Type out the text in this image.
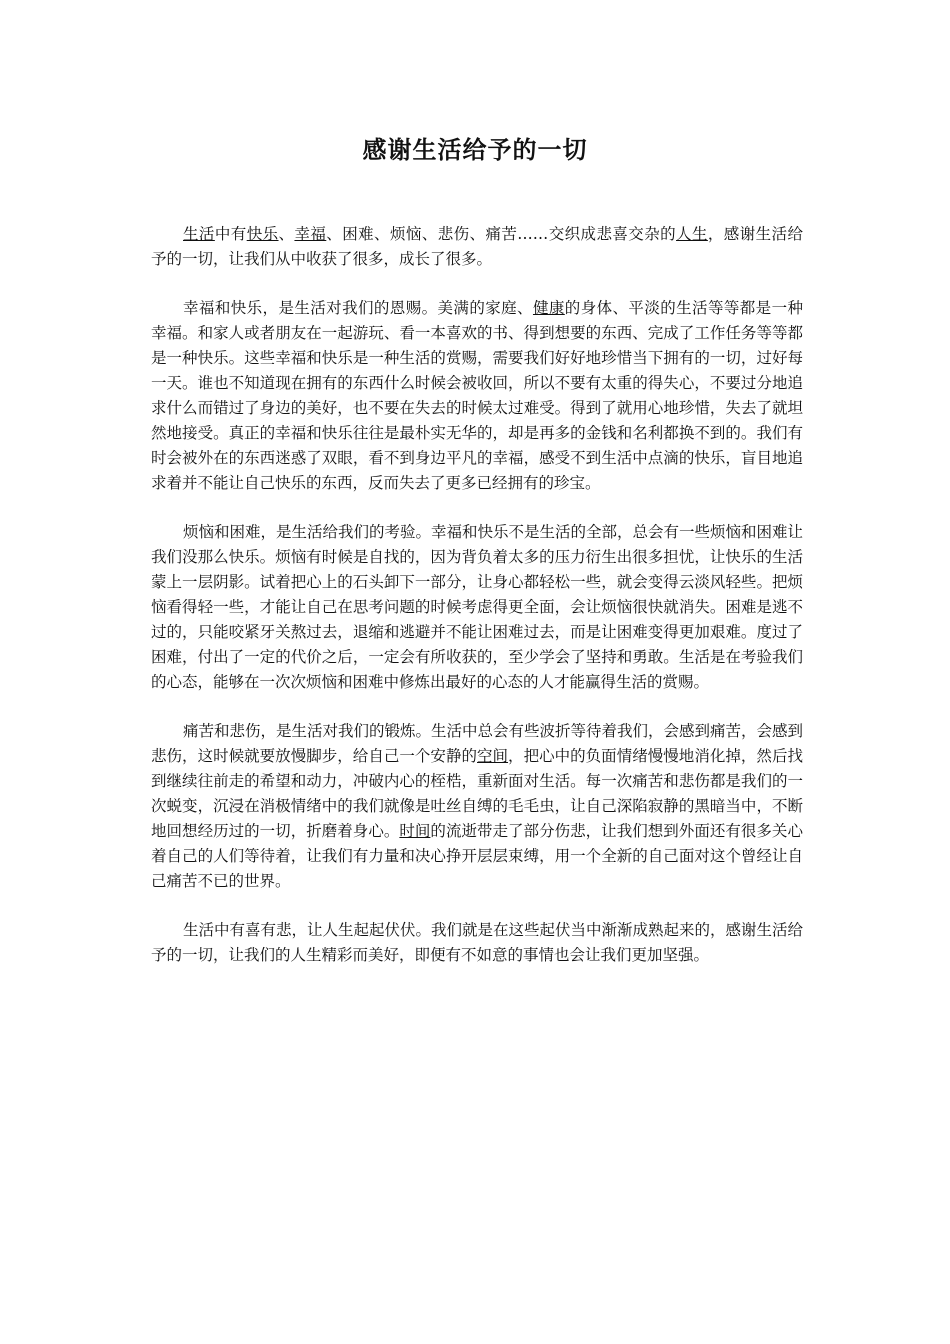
感谢生活给予的一切

生活中有快乐、幸福、困难、烦恼、悲伤、痛苦……交织成悲喜交杂的人生，感谢生活给予的一切，让我们从中收获了很多，成长了很多。

幸福和快乐，是生活对我们的恩赐。美满的家庭、健康的身体、平淡的生活等等都是一种幸福。和家人或者朋友在一起游玩、看一本喜欢的书、得到想要的东西、完成了工作任务等等都是一种快乐。这些幸福和快乐是一种生活的赏赐，需要我们好好地珍惜当下拥有的一切，过好每一天。谁也不知道现在拥有的东西什么时候会被收回，所以不要有太重的得失心，不要过分地追求什么而错过了身边的美好，也不要在失去的时候太过难受。得到了就用心地珍惜，失去了就坦然地接受。真正的幸福和快乐往往是最朴实无华的，却是再多的金钱和名利都换不到的。我们有时会被外在的东西迷惑了双眼，看不到身边平凡的幸福，感受不到生活中点滴的快乐，盲目地追求着并不能让自己快乐的东西，反而失去了更多已经拥有的珍宝。

烦恼和困难，是生活给我们的考验。幸福和快乐不是生活的全部，总会有一些烦恼和困难让我们没那么快乐。烦恼有时候是自找的，因为背负着太多的压力衍生出很多担忧，让快乐的生活蒙上一层阴影。试着把心上的石头卸下一部分，让身心都轻松一些，就会变得云淡风轻些。把烦恼看得轻一些，才能让自己在思考问题的时候考虑得更全面，会让烦恼很快就消失。困难是逃不过的，只能咬紧牙关熬过去，退缩和逃避并不能让困难过去，而是让困难变得更加艰难。度过了困难，付出了一定的代价之后，一定会有所收获的，至少学会了坚持和勇敢。生活是在考验我们的心态，能够在一次次烦恼和困难中修炼出最好的心态的人才能赢得生活的赏赐。

痛苦和悲伤，是生活对我们的锻炼。生活中总会有些波折等待着我们，会感到痛苦，会感到悲伤，这时候就要放慢脚步，给自己一个安静的空间，把心中的负面情绪慢慢地消化掉，然后找到继续往前走的希望和动力，冲破内心的桎梏，重新面对生活。每一次痛苦和悲伤都是我们的一次蜕变，沉浸在消极情绪中的我们就像是吐丝自缚的毛毛虫，让自己深陷寂静的黑暗当中，不断地回想经历过的一切，折磨着身心。时间的流逝带走了部分伤悲，让我们想到外面还有很多关心着自己的人们等待着，让我们有力量和决心挣开层层束缚，用一个全新的自己面对这个曾经让自己痛苦不已的世界。

生活中有喜有悲，让人生起起伏伏。我们就是在这些起伏当中渐渐成熟起来的，感谢生活给予的一切，让我们的人生精彩而美好，即便有不如意的事情也会让我们更加坚强。
